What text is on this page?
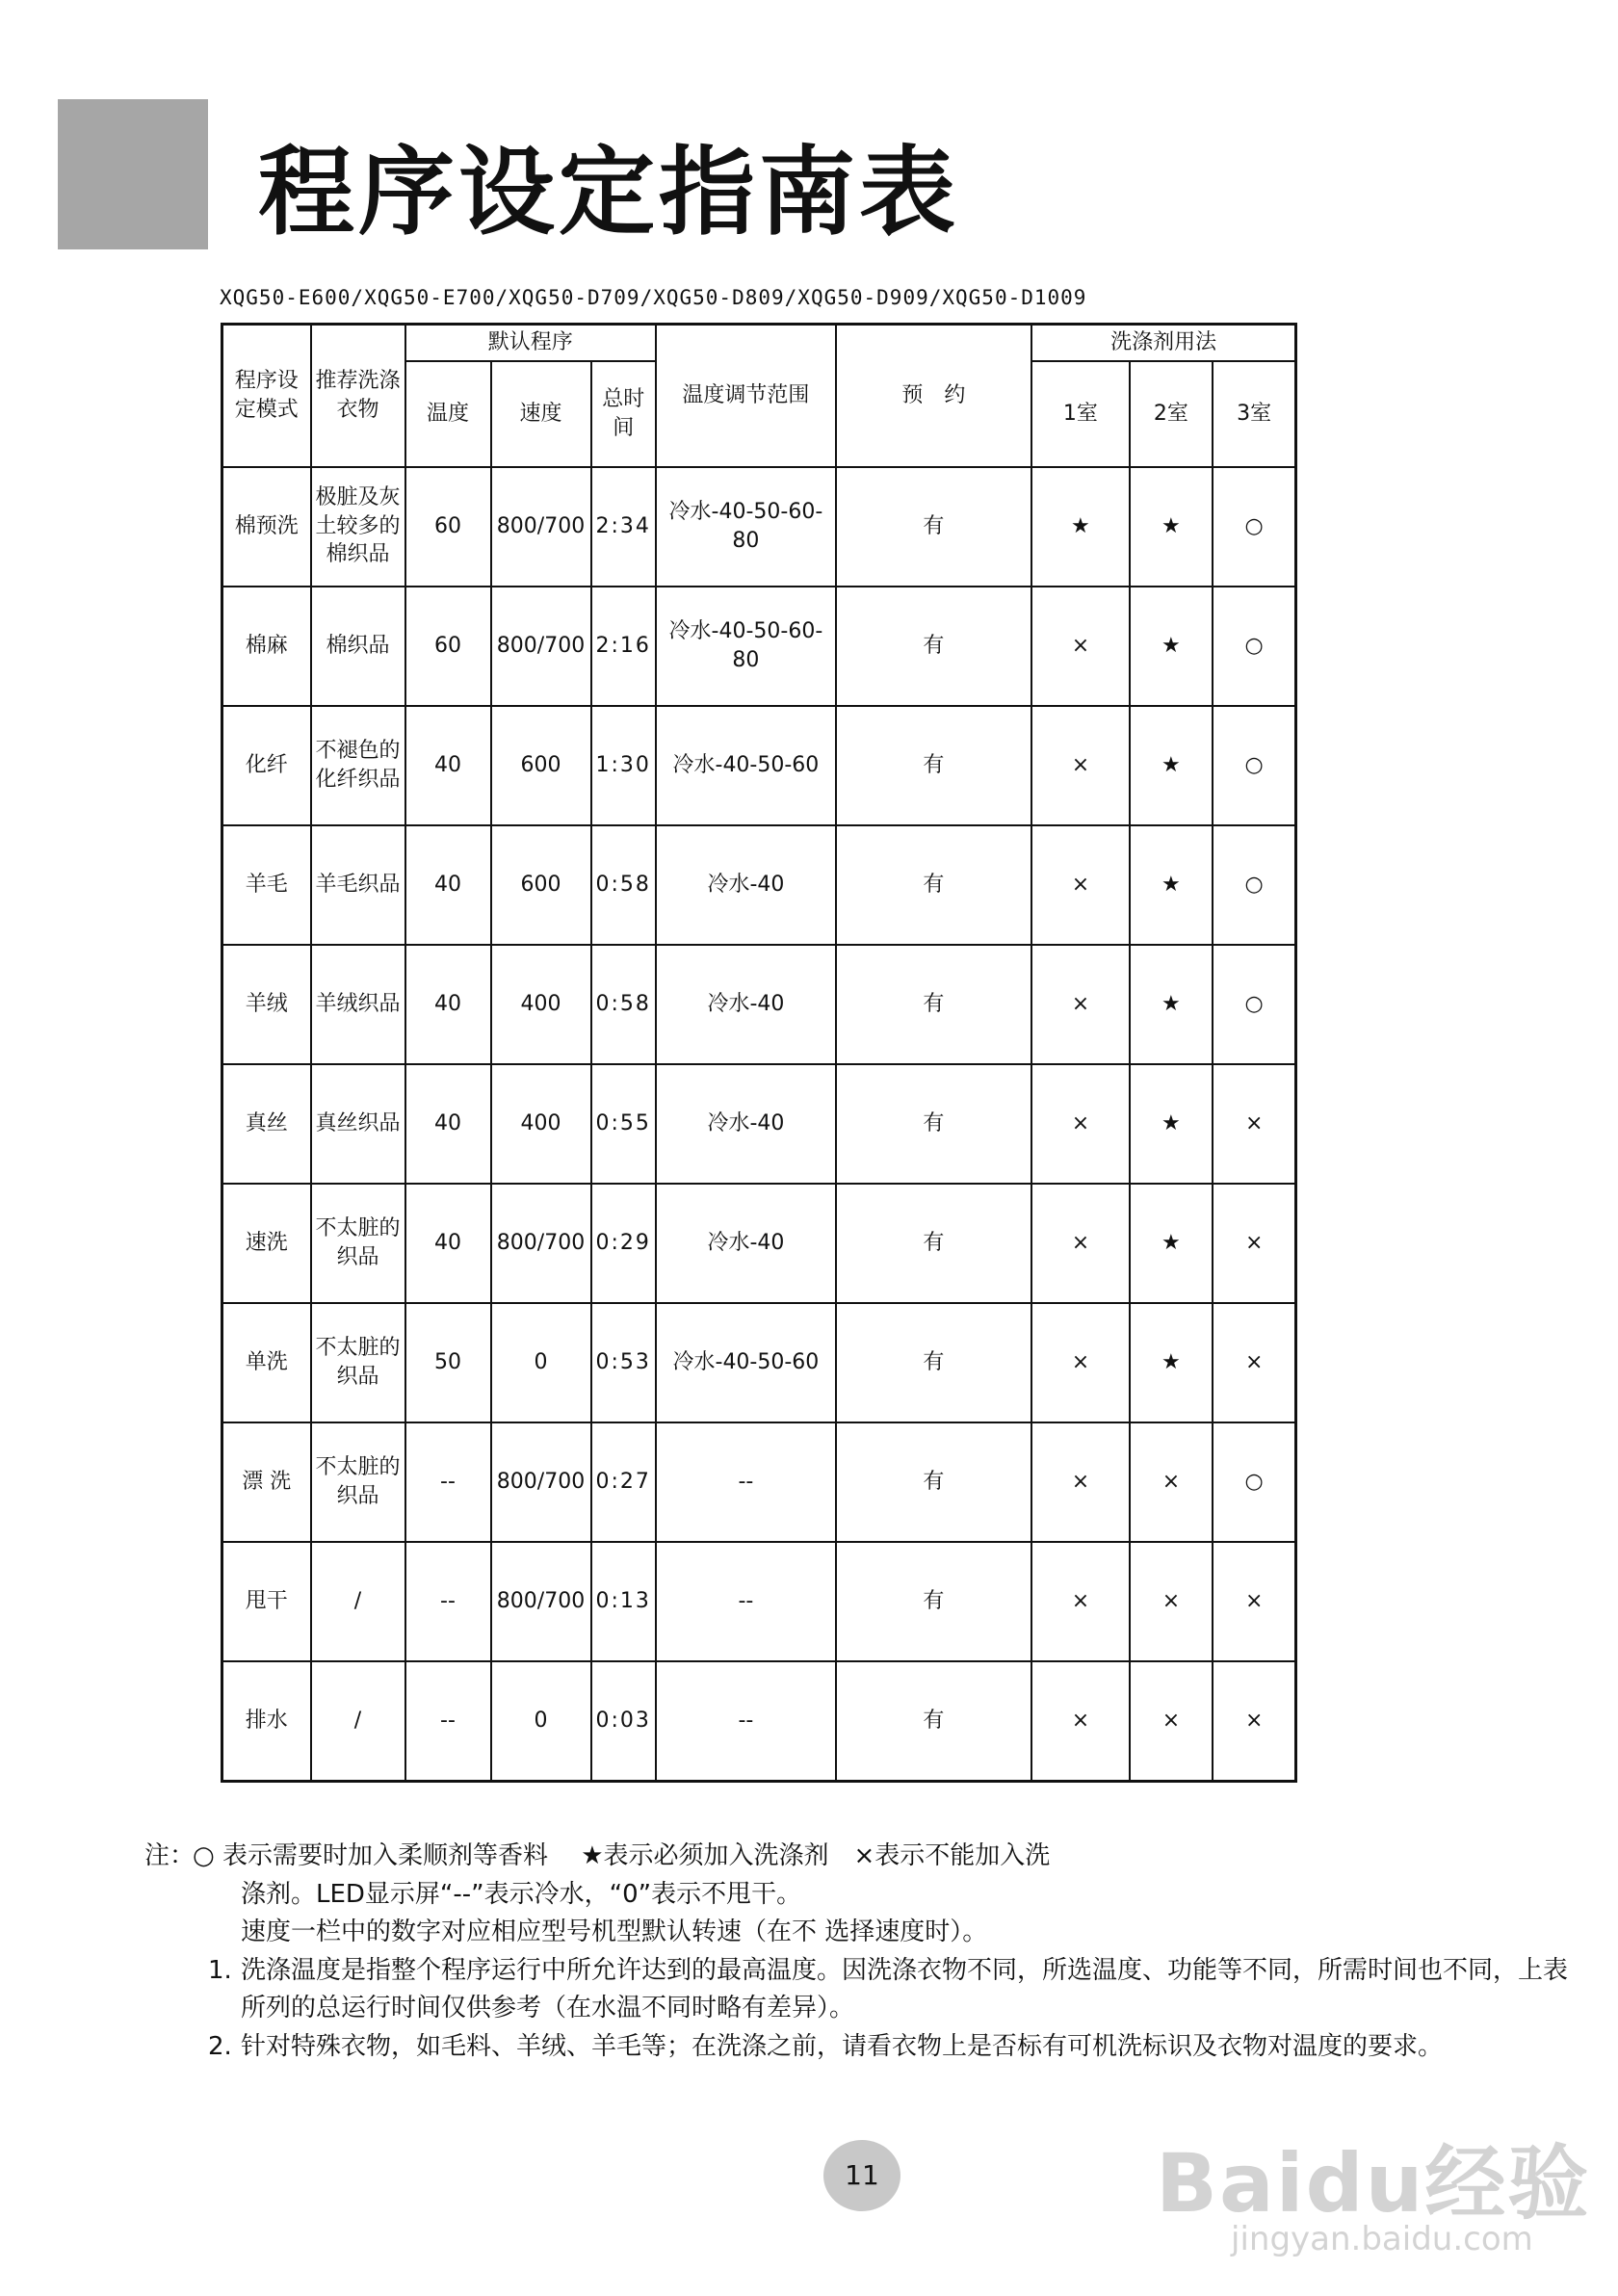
程序设定指南表
XQG50-E600/XQG50-E700/XQG50-D709/XQG50-D809/XQG50-D909/XQG50-D1009
程序设定模式	推荐洗涤衣物	默认程序			温度调节范围	预　约	洗涤剂用法		
		温度	速度	总时间			1室	2室	3室
棉预洗	极脏及灰土较多的棉织品	60	800/700	2:34	冷水-40-50-60-80	有	★	★	○
棉麻	棉织品	60	800/700	2:16	冷水-40-50-60-80	有	×	★	○
化纤	不褪色的化纤织品	40	600	1:30	冷水-40-50-60	有	×	★	○
羊毛	羊毛织品	40	600	0:58	冷水-40	有	×	★	○
羊绒	羊绒织品	40	400	0:58	冷水-40	有	×	★	○
真丝	真丝织品	40	400	0:55	冷水-40	有	×	★	×
速洗	不太脏的织品	40	800/700	0:29	冷水-40	有	×	★	×
单洗	不太脏的织品	50	0	0:53	冷水-40-50-60	有	×	★	×
漂 洗	不太脏的织品	--	800/700	0:27	--	有	×	×	○
甩干	/	--	800/700	0:13	--	有	×	×	×
排水	/	--	0	0:03	--	有	×	×	×
注：
○ 表示需要时加入柔顺剂等香料　 ★表示必须加入洗涤剂　×表示不能加入洗
涤剂。LED显示屏“--”表示冷水，“0”表示不甩干。
速度一栏中的数字对应相应型号机型默认转速（在不 选择速度时）。
1. 洗涤温度是指整个程序运行中所允许达到的最高温度。因洗涤衣物不同，所选温度、功能等不同，所需时间也不同，上表所列的总运行时间仅供参考（在水温不同时略有差异）。
2. 针对特殊衣物，如毛料、羊绒、羊毛等；在洗涤之前，请看衣物上是否标有可机洗标识及衣物对温度的要求。
11	Baidu经验
jingyan.baidu.com
